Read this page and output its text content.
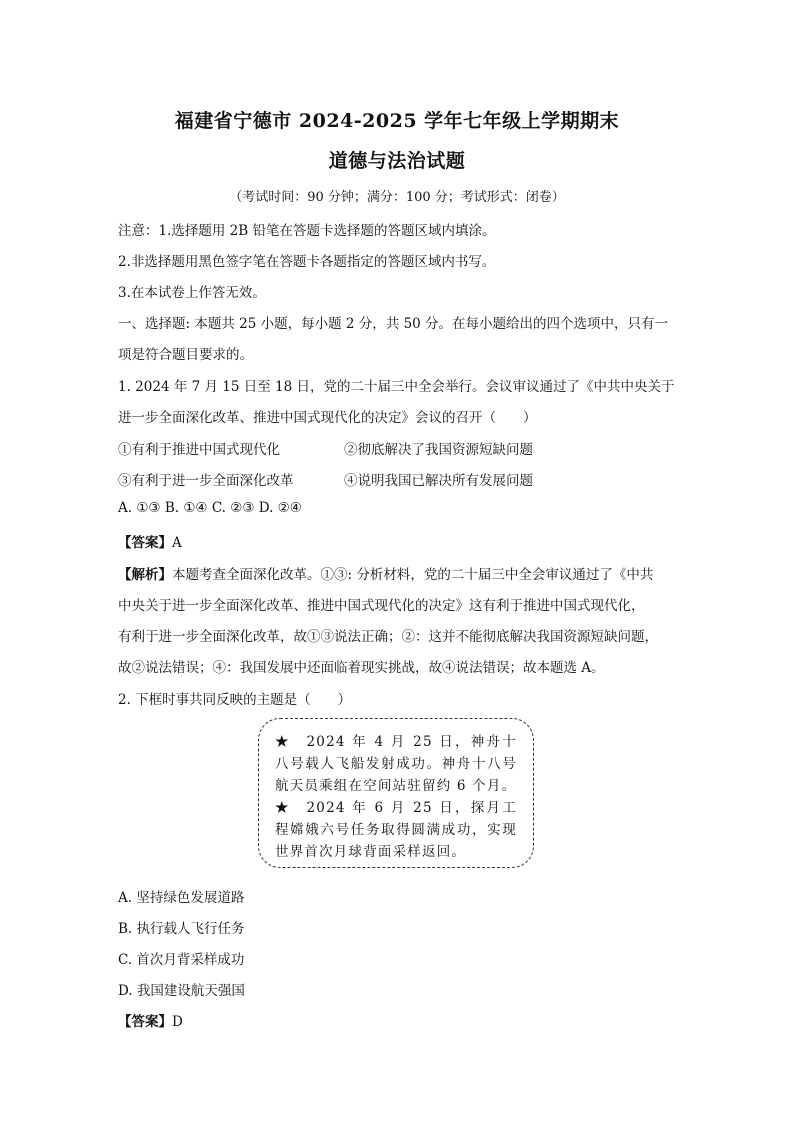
福建省宁德市 2024-2025 学年七年级上学期期末
道德与法治试题
（考试时间：90 分钟；满分：100 分；考试形式：闭卷）
注意：1.选择题用 2B 铅笔在答题卡选择题的答题区域内填涂。
2.非选择题用黑色签字笔在答题卡各题指定的答题区域内书写。
3.在本试卷上作答无效。
一、选择题: 本题共 25 小题，每小题 2 分，共 50 分。在每小题给出的四个选项中，只有一
项是符合题目要求的。
1. 2024 年 7 月 15 日至 18 日，党的二十届三中全会举行。会议审议通过了《中共中央关于
进一步全面深化改革、推进中国式现代化的决定》会议的召开（　　）
①有利于推进中国式现代化	②彻底解决了我国资源短缺问题
③有利于进一步全面深化改革	④说明我国已解决所有发展问题
A. ①③ B. ①④ C. ②③ D. ②④
【答案】A
【解析】本题考查全面深化改革。①③: 分析材料，党的二十届三中全会审议通过了《中共
中央关于进一步全面深化改革、推进中国式现代化的决定》这有利于推进中国式现代化，
有利于进一步全面深化改革，故①③说法正确；②：这并不能彻底解决我国资源短缺问题，
故②说法错误；④：我国发展中还面临着现实挑战，故④说法错误；故本题选 A。
2. 下框时事共同反映的主题是（　　）

★　2024 年 4 月 25 日，神舟十八号载人飞船发射成功。神舟十八号航天员乘组在空间站驻留约 6 个月。

★　2024 年 6 月 25 日，探月工程嫦娥六号任务取得圆满成功，实现世界首次月球背面采样返回。

A. 坚持绿色发展道路
B. 执行载人飞行任务
C. 首次月背采样成功
D. 我国建设航天强国
【答案】D
